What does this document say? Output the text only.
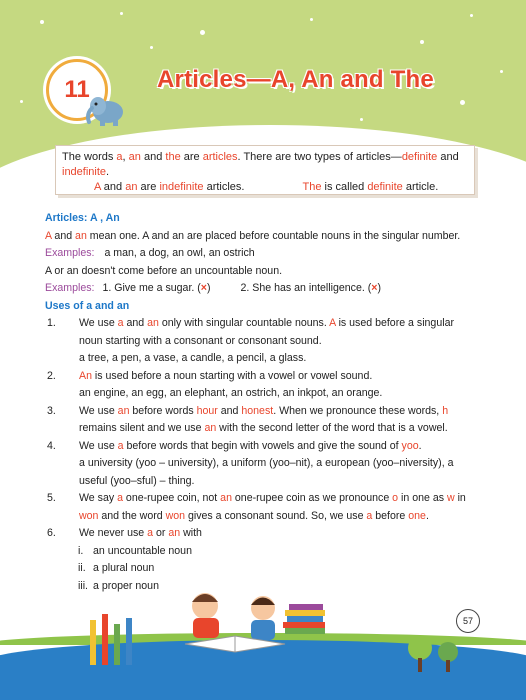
11	Articles—A, An and The
The words a, an and the are articles. There are two types of articles—definite and
indefinite.
A and an are indefinite articles.	The is called definite article.
Articles: A , An
A and an mean one. A and an are placed before countable nouns in the singular number.
Examples: a man, a dog, an owl, an ostrich
A or an doesn't come before an uncountable noun.
Examples: 1. Give me a sugar. (×)	2. She has an intelligence. (×)
Uses of a and an
1. We use a and an only with singular countable nouns. A is used before a singular
noun starting with a consonant or consonant sound.
a tree, a pen, a vase, a candle, a pencil, a glass.
2. An is used before a noun starting with a vowel or vowel sound.
an engine, an egg, an elephant, an ostrich, an inkpot, an orange.
3. We use an before words hour and honest. When we pronounce these words, h
remains silent and we use an with the second letter of the word that is a vowel.
4. We use a before words that begin with vowels and give the sound of yoo.
a university (yoo – university), a uniform (yoo–nit), a european (yoo–niversity), a
useful (yoo–sful) – thing.
5. We say a one-rupee coin, not an one-rupee coin as we pronounce o in one as w in
won and the word won gives a consonant sound. So, we use a before one.
6. We never use a or an with
i. an uncountable noun
ii. a plural noun
iii. a proper noun
57
